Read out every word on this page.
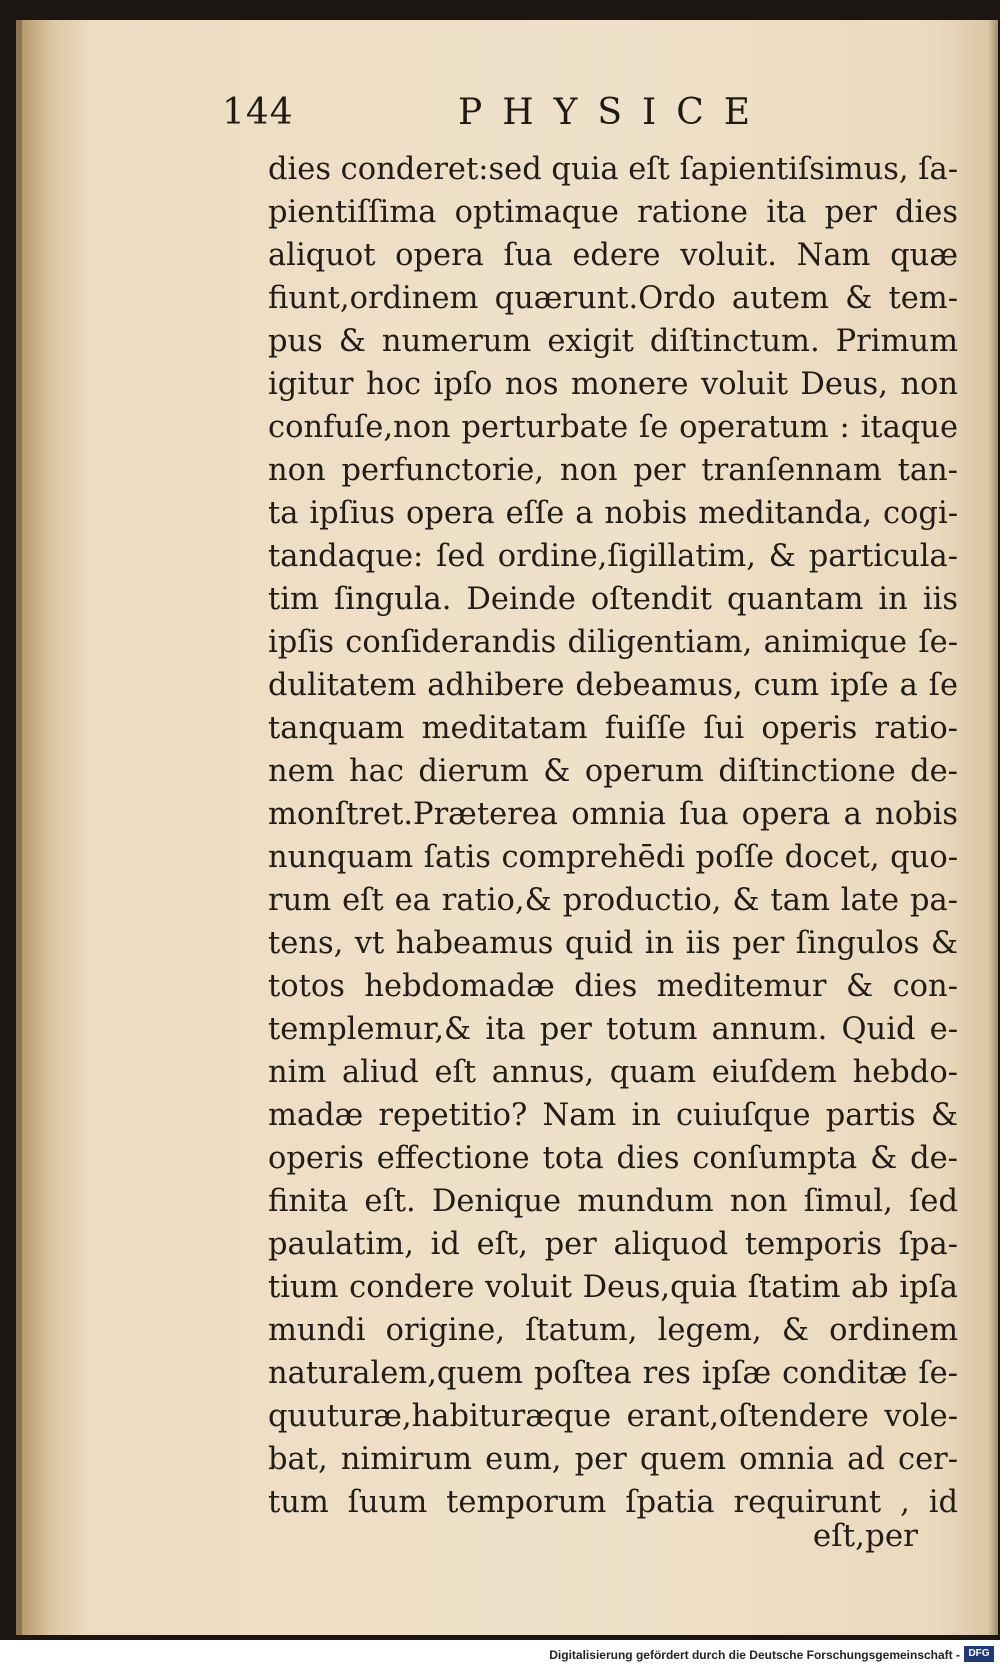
144	PHYSICE
dies conderet:sed quia eſt ſapientiſsimus, ſa-
pientiſſima optimaque ratione ita per dies
aliquot opera ſua edere voluit. Nam quæ
fiunt,ordinem quærunt.Ordo autem & tem-
pus & numerum exigit diſtinctum. Primum
igitur hoc ipſo nos monere voluit Deus, non
confuſe,non perturbate ſe operatum : itaque
non perfunctorie, non per tranſennam tan-
ta ipſius opera eſſe a nobis meditanda, cogi-
tandaque: ſed ordine,ſigillatim, & particula-
tim ſingula. Deinde oſtendit quantam in iis
ipſis conſiderandis diligentiam, animique ſe-
dulitatem adhibere debeamus, cum ipſe a ſe
tanquam meditatam fuiſſe ſui operis ratio-
nem hac dierum & operum diſtinctione de-
monſtret.Præterea omnia ſua opera a nobis
nunquam ſatis comprehēdi poſſe docet, quo-
rum eſt ea ratio,& productio, & tam late pa-
tens, vt habeamus quid in iis per ſingulos &
totos hebdomadæ dies meditemur & con-
templemur,& ita per totum annum. Quid e-
nim aliud eſt annus, quam eiuſdem hebdo-
madæ repetitio? Nam in cuiuſque partis &
operis effectione tota dies conſumpta & de-
finita eſt. Denique mundum non ſimul, ſed
paulatim, id eſt, per aliquod temporis ſpa-
tium condere voluit Deus,quia ſtatim ab ipſa
mundi origine, ſtatum, legem, & ordinem
naturalem,quem poſtea res ipſæ conditæ ſe-
quuturæ,habituræque erant,oſtendere vole-
bat, nimirum eum, per quem omnia ad cer-
tum ſuum temporum ſpatia requirunt , id
eſt,per
Digitalisierung gefördert durch die Deutsche Forschungsgemeinschaft - DFG
